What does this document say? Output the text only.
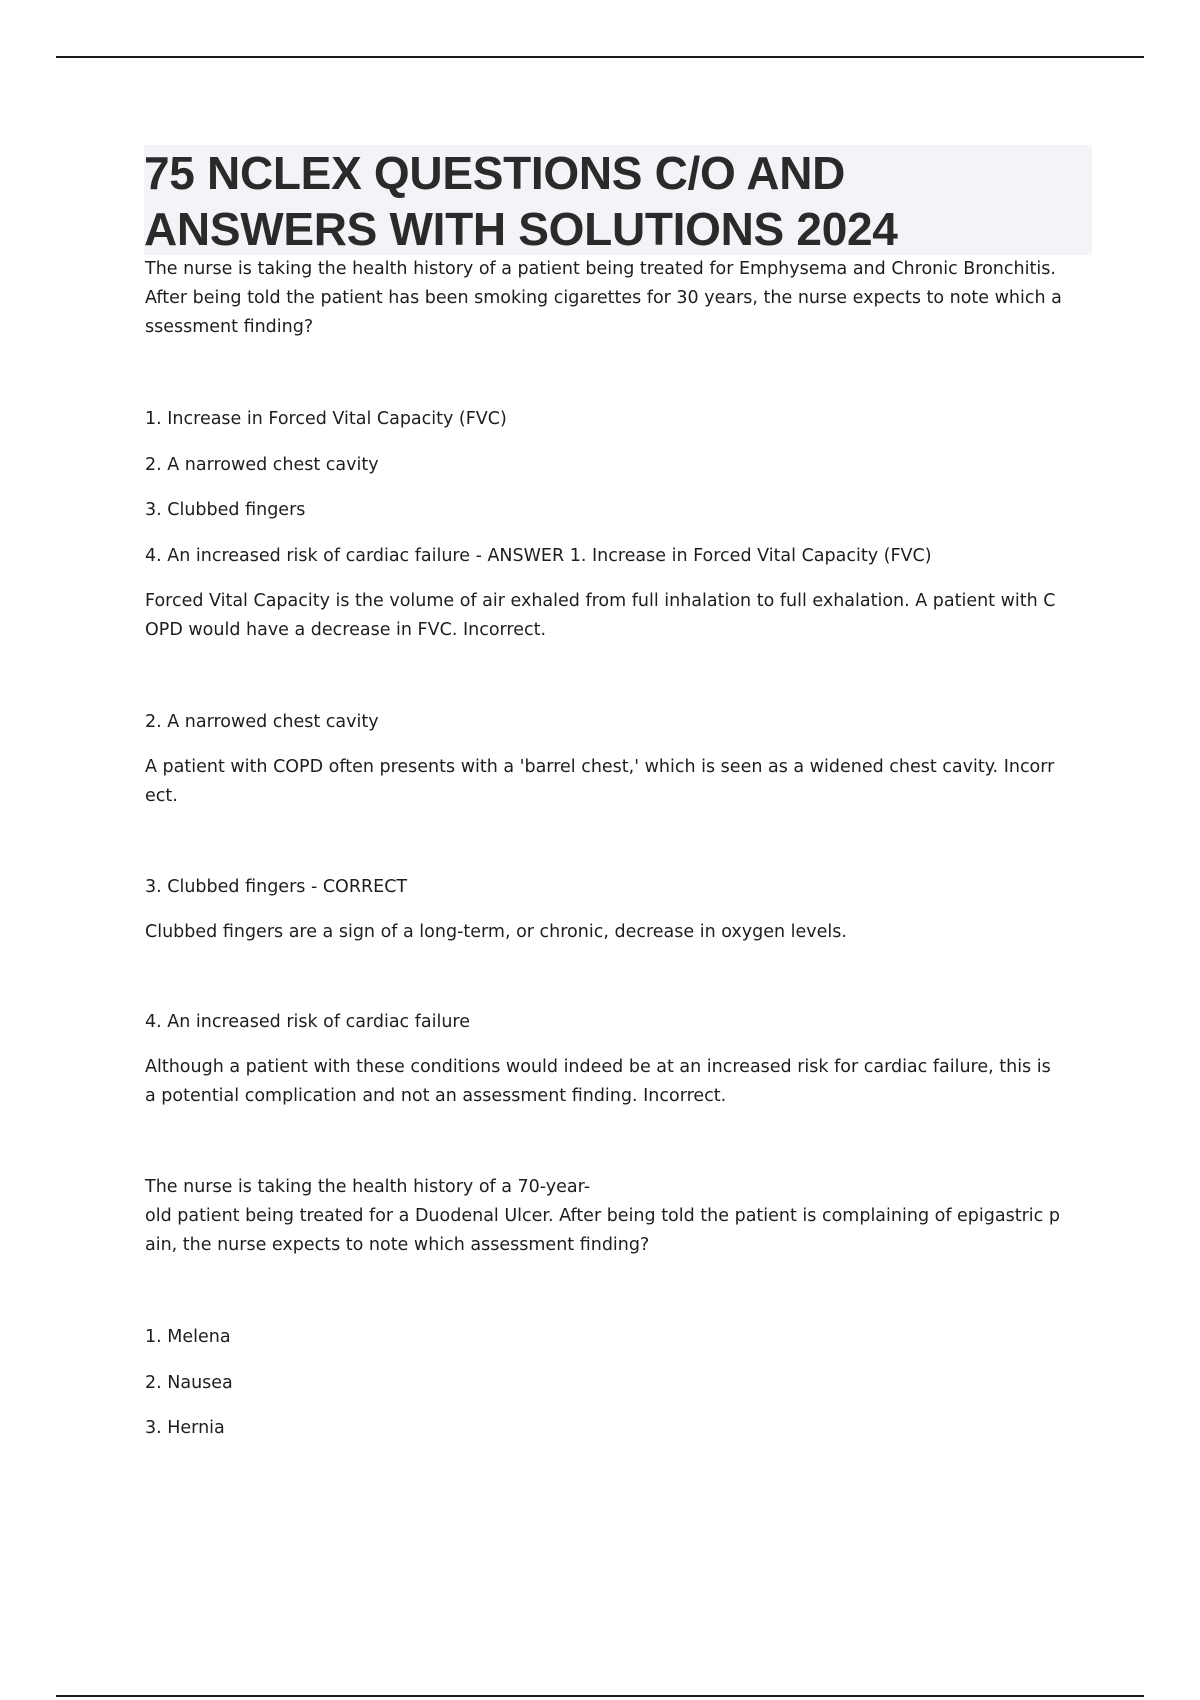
75 NCLEX QUESTIONS C/O AND
ANSWERS WITH SOLUTIONS 2024

The nurse is taking the health history of a patient being treated for Emphysema and Chronic Bronchitis.
After being told the patient has been smoking cigarettes for 30 years, the nurse expects to note which a
ssessment finding?

1. Increase in Forced Vital Capacity (FVC)

2. A narrowed chest cavity

3. Clubbed fingers

4. An increased risk of cardiac failure - ANSWER 1. Increase in Forced Vital Capacity (FVC)

Forced Vital Capacity is the volume of air exhaled from full inhalation to full exhalation. A patient with C
OPD would have a decrease in FVC. Incorrect.

2. A narrowed chest cavity

A patient with COPD often presents with a 'barrel chest,' which is seen as a widened chest cavity. Incorr
ect.

3. Clubbed fingers - CORRECT

Clubbed fingers are a sign of a long-term, or chronic, decrease in oxygen levels.

4. An increased risk of cardiac failure

Although a patient with these conditions would indeed be at an increased risk for cardiac failure, this is
a potential complication and not an assessment finding. Incorrect.

The nurse is taking the health history of a 70-year-
old patient being treated for a Duodenal Ulcer. After being told the patient is complaining of epigastric p
ain, the nurse expects to note which assessment finding?

1. Melena

2. Nausea

3. Hernia
